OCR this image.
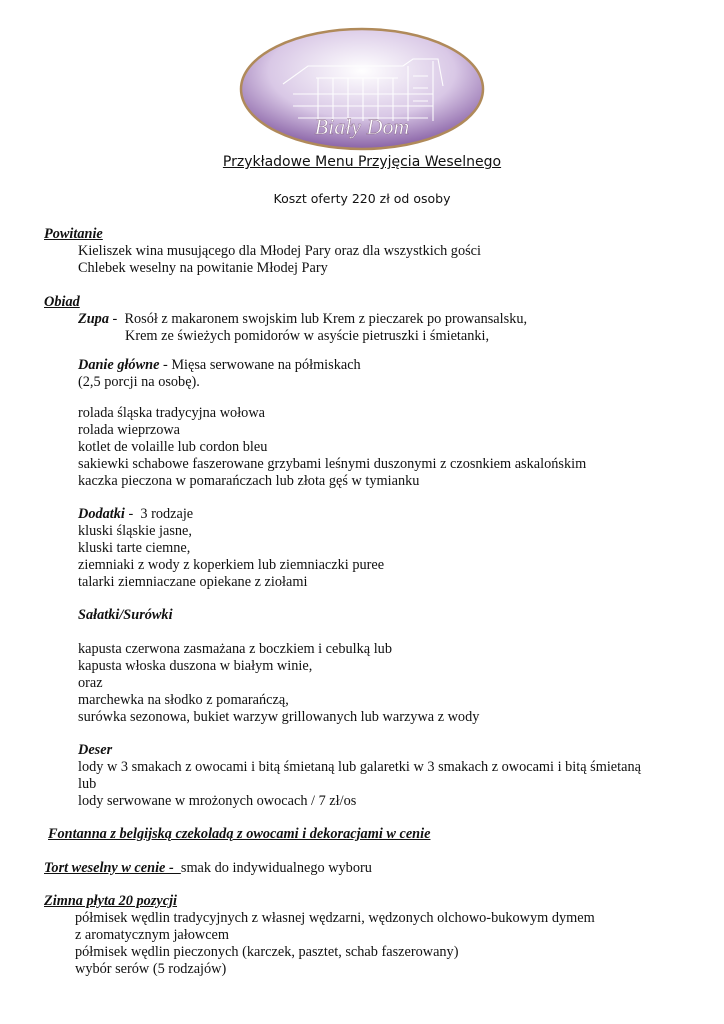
Biały Dom
Przykładowe Menu Przyjęcia Weselnego
Koszt oferty 220 zł od osoby
Powitanie
Kieliszek wina musującego dla Młodej Pary oraz dla wszystkich gości
Chlebek weselny na powitanie Młodej Pary
Obiad
Zupa -  Rosół z makaronem swojskim lub Krem z pieczarek po prowansalsku,
Krem ze świeżych pomidorów w asyście pietruszki i śmietanki,
Danie główne - Mięsa serwowane na półmiskach
(2,5 porcji na osobę).
rolada śląska tradycyjna wołowa
rolada wieprzowa
kotlet de volaille lub cordon bleu
sakiewki schabowe faszerowane grzybami leśnymi duszonymi z czosnkiem askalońskim
kaczka pieczona w pomarańczach lub złota gęś w tymianku
Dodatki -  3 rodzaje
kluski śląskie jasne,
kluski tarte ciemne,
ziemniaki z wody z koperkiem lub ziemniaczki puree
talarki ziemniaczane opiekane z ziołami
Sałatki/Surówki
kapusta czerwona zasmażana z boczkiem i cebulką lub
kapusta włoska duszona w białym winie,
oraz
marchewka na słodko z pomarańczą,
surówka sezonowa, bukiet warzyw grillowanych lub warzywa z wody
Deser
lody w 3 smakach z owocami i bitą śmietaną lub galaretki w 3 smakach z owocami i bitą śmietaną
lub
lody serwowane w mrożonych owocach / 7 zł/os
Fontanna z belgijską czekoladą z owocami i dekoracjami w cenie
Tort weselny w cenie -  smak do indywidualnego wyboru
Zimna płyta 20 pozycji
półmisek wędlin tradycyjnych z własnej wędzarni, wędzonych olchowo-bukowym dymem
z aromatycznym jałowcem
półmisek wędlin pieczonych (karczek, pasztet, schab faszerowany)
wybór serów (5 rodzajów)
